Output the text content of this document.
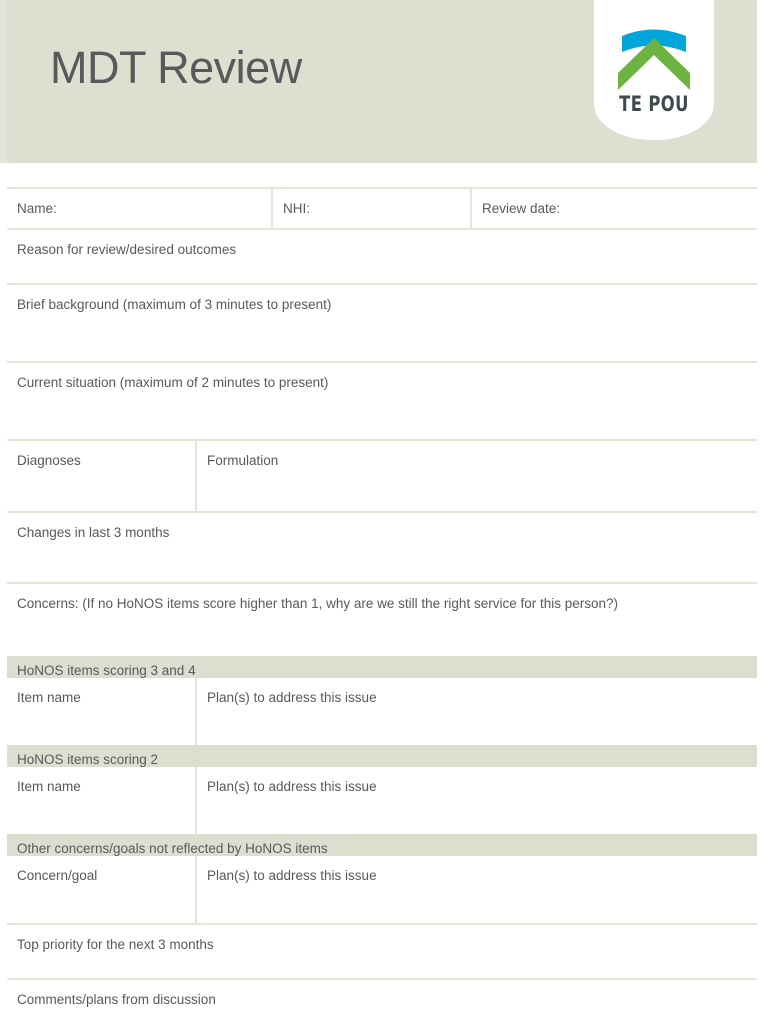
MDT Review
TE POU
Name:	NHI:	Review date:
Reason for review/desired outcomes
Brief background (maximum of 3 minutes to present)
Current situation (maximum of 2 minutes to present)
Diagnoses	Formulation
Changes in last 3 months
Concerns: (If no HoNOS items score higher than 1, why are we still the right service for this person?)
HoNOS items scoring 3 and 4
Item name	Plan(s) to address this issue
HoNOS items scoring 2
Item name	Plan(s) to address this issue
Other concerns/goals not reflected by HoNOS items
Concern/goal	Plan(s) to address this issue
Top priority for the next 3 months
Comments/plans from discussion
